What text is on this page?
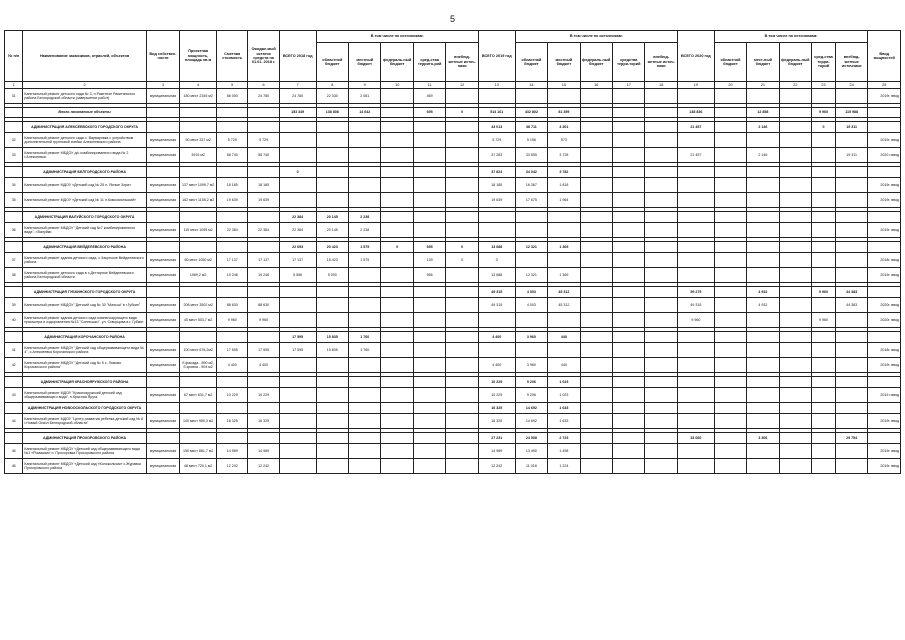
5
№ п/п	Наименование заказчиков, отраслей, объектов	Вид собствен-ности	Проектная мощность, площадь кв.м	Сметная стоимость	Ожидае-мый остаток средств на 01.01. 2018 г.	ВСЕГО 2018 год	В том числе по источникам:					ВСЕГО 2019 год	В том числе по источникам:					ВСЕГО 2020 год	В том числе по источникам:					Ввод мощностей
							областной бюджет	местный бюджет	федераль-ный бюджет	сред-ства террито-рий	внебюд-жетные источ-ники		областной бюджет	местный бюджет	федераль-ный бюджет	средства терри-торий	внебюд-жетные источ-ники		областной бюджет	мест-ный бюджет	федераль-ный бюджет	сред-ства терри-торий	внебюд-жетные источники	
1	2	3	4	5	6	7	8	9	10	11	12	13	14	15	16	17	18	19	20	21	22	23	24	25
31	Капитальный ремонт детского сада № 3, п.Ракитное Ракитянского района Белгородской области (завершение работ)	муниципальная	180 мест 2345 м2	56 000	24 780	24 780	22 330	2 081		469														2019г. ввод

	Вновь начинаемые объекты					153 349	138 808	14 642		695	0	514 161	432 802	81 359				138 836		12 858		9 960	115 988	

	АДМИНИСТРАЦИЯ АЛЕКСЕЕВСКОГО ГОРОДСКОГО ОКРУГА											43 013	38 711	4 301				21 457		2 146		0	19 311	
32	Капитальный ремонт детского сада с. Варваровка с устройством дополнительной групповой ячейки Алексеевского района	муниципальная	50 мест 337 м2	5 729	5 729							5 729	5 156	573										2019г. ввод
33	Капитальный ремонт МБДОУ д/с комбинированного вида № 2 г.Алексеевка	муниципальная	3915 м2	58 740	58 740							37 283	33 555	3 728				21 457		2 146			19 311	2020 г.ввод

	АДМИНИСТРАЦИЯ БЕЛГОРОДСКОГО РАЙОНА					0						37 824	34 042	3 782										
34	Капитальный ремонт МДОУ «Детский сад № 25 п. Ясные Зори»	муниципальная	137 мест 1099,7 м2	18 185	18 185							18 185	16 367	1 818										2019г. ввод
35	Капитальный ремонт МДОУ «Детский сад № 11 п.Комсомольский»	муниципальная	162 мест 1155,2 м2	19 639	19 639							19 639	17 675	1 964										2019г. ввод

	АДМИНИСТРАЦИЯ ВАЛУЙСКОГО ГОРОДСКОГО ОКРУГА					22 384	20 145	2 238																
36	Капитальный ремонт МБДОУ "Детский сад №7 комбинированного вида", г.Валуйки	муниципальная	115 мест 1095 м2	22 384	22 384	22 384	20 145	2 238																2019г. ввод

	АДМИНИСТРАЦИЯ ВЕЙДЕЛЕВСКОГО РАЙОНА					22 693	20 423	1 575	0	695	0	13 688	12 321	1 369										
37	Капитальный ремонт здания детского сада, с.Закутское Вейделевского района	муниципальная	60 мест 1050 м2	17 137	17 137	17 137	15 423	1 575		139	0	0												2018г. ввод
38	Капитальный ремонт детского сада в с.Дегтярное Вейделевского района Белгородской области	муниципальная	1069,2 м2	19 246	19 246	5 556	5 000			556		13 688	12 321	1 369										2019г. ввод

	АДМИНИСТРАЦИЯ ГУБКИНСКОГО ГОРОДСКОГО ОКРУГА											49 315	4 003	45 312				59 275		4 932		9 960	44 383	
39	Капитальный ремонт МБДОУ "Детский сад № 30 "Малыш" в г.Губкин"	муниципальная	208 мест 3502 м2	88 630	88 630							49 315	4 003	45 312				49 315		4 932			44 383	2020г. ввод
40	Капитальный ремонт здания детского сада компенсирующего вида присмотра и оздоровления №13 "Солнышко", ул. Скворцова в г. Губкин	муниципальная	45 мест 503,7 м2	9 960	9 960													9 960				9 960		2020г. ввод

	АДМИНИСТРАЦИЯ КОРОЧАНСКОГО РАЙОНА					17 595	15 835	1 760				4 400	3 960	440										
41	Капитальный ремонт МБДОУ "Детский сад общеразвивающего вида № 4", с.Алексеевка Корочанского района	муниципальная	100 мест 678,2м2	17 595	17 595	17 595	15 835	1 760																2018г. ввод
42	Капитальный ремонт МБДОУ "Детский сад № 5 с. Ломово Корочанского района"	муниципальная	б фасада - 890 м2, б кровли - 904 м2	4 400	4 400							4 400	3 960	440										2019г. ввод

	АДМИНИСТРАЦИЯ КРАСНОЯРУЖСКОГО РАЙОНА											10 229	9 206	1 023										
43	Капитальный ремонт МДОУ "Краснояружский детский сад общеразвивающего вида", п.Красная Яруга	муниципальная	67 мест 631,7 м2	10 229	10 229							10 229	9 206	1 023										2019 г.ввод
	АДМИНИСТРАЦИЯ НОВООСКОЛЬСКОГО ГОРОДСКОГО ОКРУГА											16 325	14 692	1 633										
44	Капитальный ремонт МДОУ "Центр развития ребенка детский сад № 8 г.Новый Оскол Белгородской области"	муниципальная	140 мест 980,3 м2	16 325	16 325							16 325	14 692	1 633										2019г. ввод

	АДМИНИСТРАЦИЯ ПРОХОРОВСКОГО РАЙОНА											27 231	24 508	2 723				33 060		3 306			29 754	
45	Капитальный ремонт МБДОУ «Детский сад общеразвивающего вида №1 «Ромашка» п. Прохоровка Прохоровского района	муниципальная	150 мест 881,7 м2	14 989	14 989							14 989	13 490	1 498										2019г. ввод
46	Капитальный ремонт МБДОУ «Детский сад «Колокольчик» с.Журавка Прохоровского района	муниципальная	48 мест 720,1 м2	12 242	12 242							12 242	11 018	1 224										2019г. ввод
